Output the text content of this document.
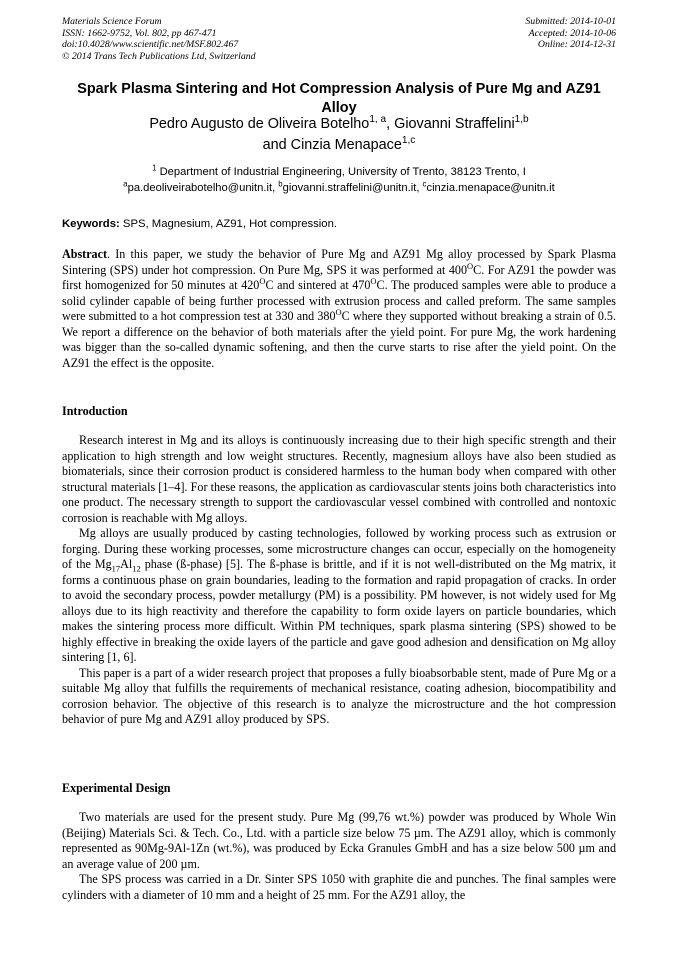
Materials Science Forum
ISSN: 1662-9752, Vol. 802, pp 467-471
doi:10.4028/www.scientific.net/MSF.802.467
© 2014 Trans Tech Publications Ltd, Switzerland
Submitted: 2014-10-01
Accepted: 2014-10-06
Online: 2014-12-31
Spark Plasma Sintering and Hot Compression Analysis of Pure Mg and AZ91 Alloy
Pedro Augusto de Oliveira Botelho$^{1, a}$, Giovanni Straffelini$^{1,b}$
and Cinzia Menapace$^{1,c}$
$^1$ Department of Industrial Engineering, University of Trento, 38123 Trento, I
$^a$pa.deoliveirabotelho@unitn.it, $^b$giovanni.straffelini@unitn.it, $^c$cinzia.menapace@unitn.it
Keywords: SPS, Magnesium, AZ91, Hot compression.

Abstract. In this paper, we study the behavior of Pure Mg and AZ91 Mg alloy processed by Spark Plasma Sintering (SPS) under hot compression. On Pure Mg, SPS it was performed at $400^OC$. For AZ91 the powder was first homogenized for 50 minutes at $420^OC$ and sintered at $470^OC$. The produced samples were able to produce a solid cylinder capable of being further processed with extrusion process and called preform. The same samples were submitted to a hot compression test at 330 and $380^OC$ where they supported without breaking a strain of 0.5. We report a difference on the behavior of both materials after the yield point. For pure Mg, the work hardening was bigger than the so-called dynamic softening, and then the curve starts to rise after the yield point. On the AZ91 the effect is the opposite.

Introduction

Research interest in Mg and its alloys is continuously increasing due to their high specific strength and their application to high strength and low weight structures. Recently, magnesium alloys have also been studied as biomaterials, since their corrosion product is considered harmless to the human body when compared with other structural materials [1–4]. For these reasons, the application as cardiovascular stents joins both characteristics into one product. The necessary strength to support the cardiovascular vessel combined with controlled and nontoxic corrosion is reachable with Mg alloys.

Mg alloys are usually produced by casting technologies, followed by working process such as extrusion or forging. During these working processes, some microstructure changes can occur, especially on the homogeneity of the $Mg_{17}Al_{12}$ phase (ß-phase) [5]. The ß-phase is brittle, and if it is not well-distributed on the Mg matrix, it forms a continuous phase on grain boundaries, leading to the formation and rapid propagation of cracks. In order to avoid the secondary process, powder metallurgy (PM) is a possibility. PM however, is not widely used for Mg alloys due to its high reactivity and therefore the capability to form oxide layers on particle boundaries, which makes the sintering process more difficult. Within PM techniques, spark plasma sintering (SPS) showed to be highly effective in breaking the oxide layers of the particle and gave good adhesion and densification on Mg alloy sintering [1, 6].

This paper is a part of a wider research project that proposes a fully bioabsorbable stent, made of Pure Mg or a suitable Mg alloy that fulfills the requirements of mechanical resistance, coating adhesion, biocompatibility and corrosion behavior. The objective of this research is to analyze the microstructure and the hot compression behavior of pure Mg and AZ91 alloy produced by SPS.

Experimental Design

Two materials are used for the present study. Pure Mg (99,76 wt.%) powder was produced by Whole Win (Beijing) Materials Sci. & Tech. Co., Ltd. with a particle size below 75 µm. The AZ91 alloy, which is commonly represented as 90Mg-9Al-1Zn (wt.%), was produced by Ecka Granules GmbH and has a size below 500 µm and an average value of 200 µm.

The SPS process was carried in a Dr. Sinter SPS 1050 with graphite die and punches. The final samples were cylinders with a diameter of 10 mm and a height of 25 mm. For the AZ91 alloy, the
